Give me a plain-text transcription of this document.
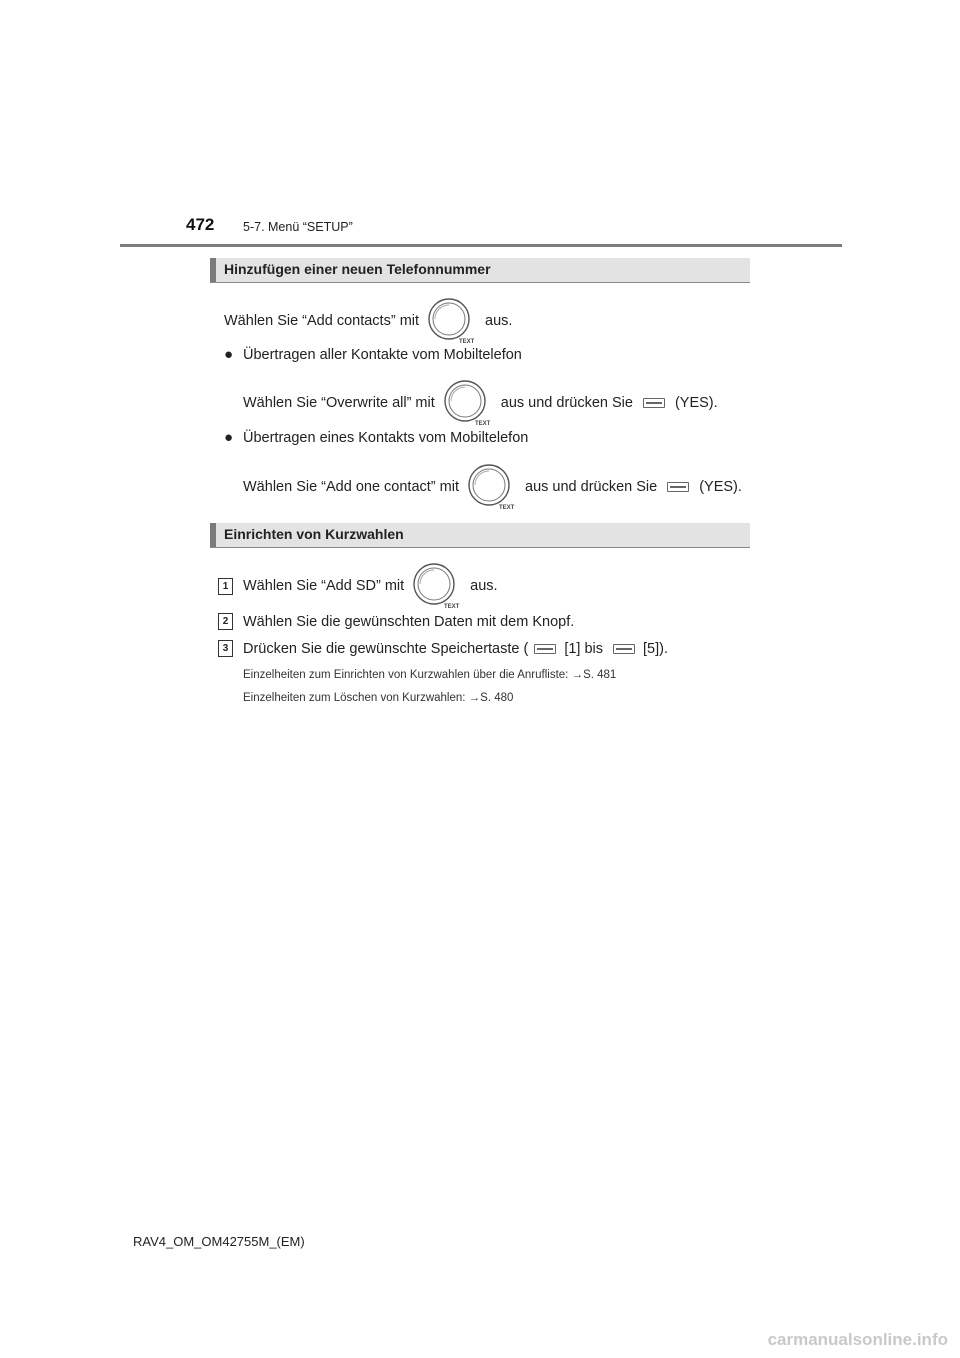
472 5-7. Menü “SETUP”
Hinzufügen einer neuen Telefonnummer
Wählen Sie “Add contacts” mit
TEXT
aus.
● Übertragen aller Kontakte vom Mobiltelefon
Wählen Sie “Overwrite all” mit
TEXT
aus und drücken Sie	(YES).
● Übertragen eines Kontakts vom Mobiltelefon
Wählen Sie “Add one contact” mit
TEXT
aus und drücken Sie	(YES).
Einrichten von Kurzwahlen
1	Wählen Sie “Add SD” mit
TEXT
aus.
2	Wählen Sie die gewünschten Daten mit dem Knopf.
3	Drücken Sie die gewünschte Speichertaste ( [1] bis	[5]).
Einzelheiten zum Einrichten von Kurzwahlen über die Anrufliste: →S. 481
Einzelheiten zum Löschen von Kurzwahlen: →S. 480
RAV4_OM_OM42755M_(EM)
carmanualsonline.info
